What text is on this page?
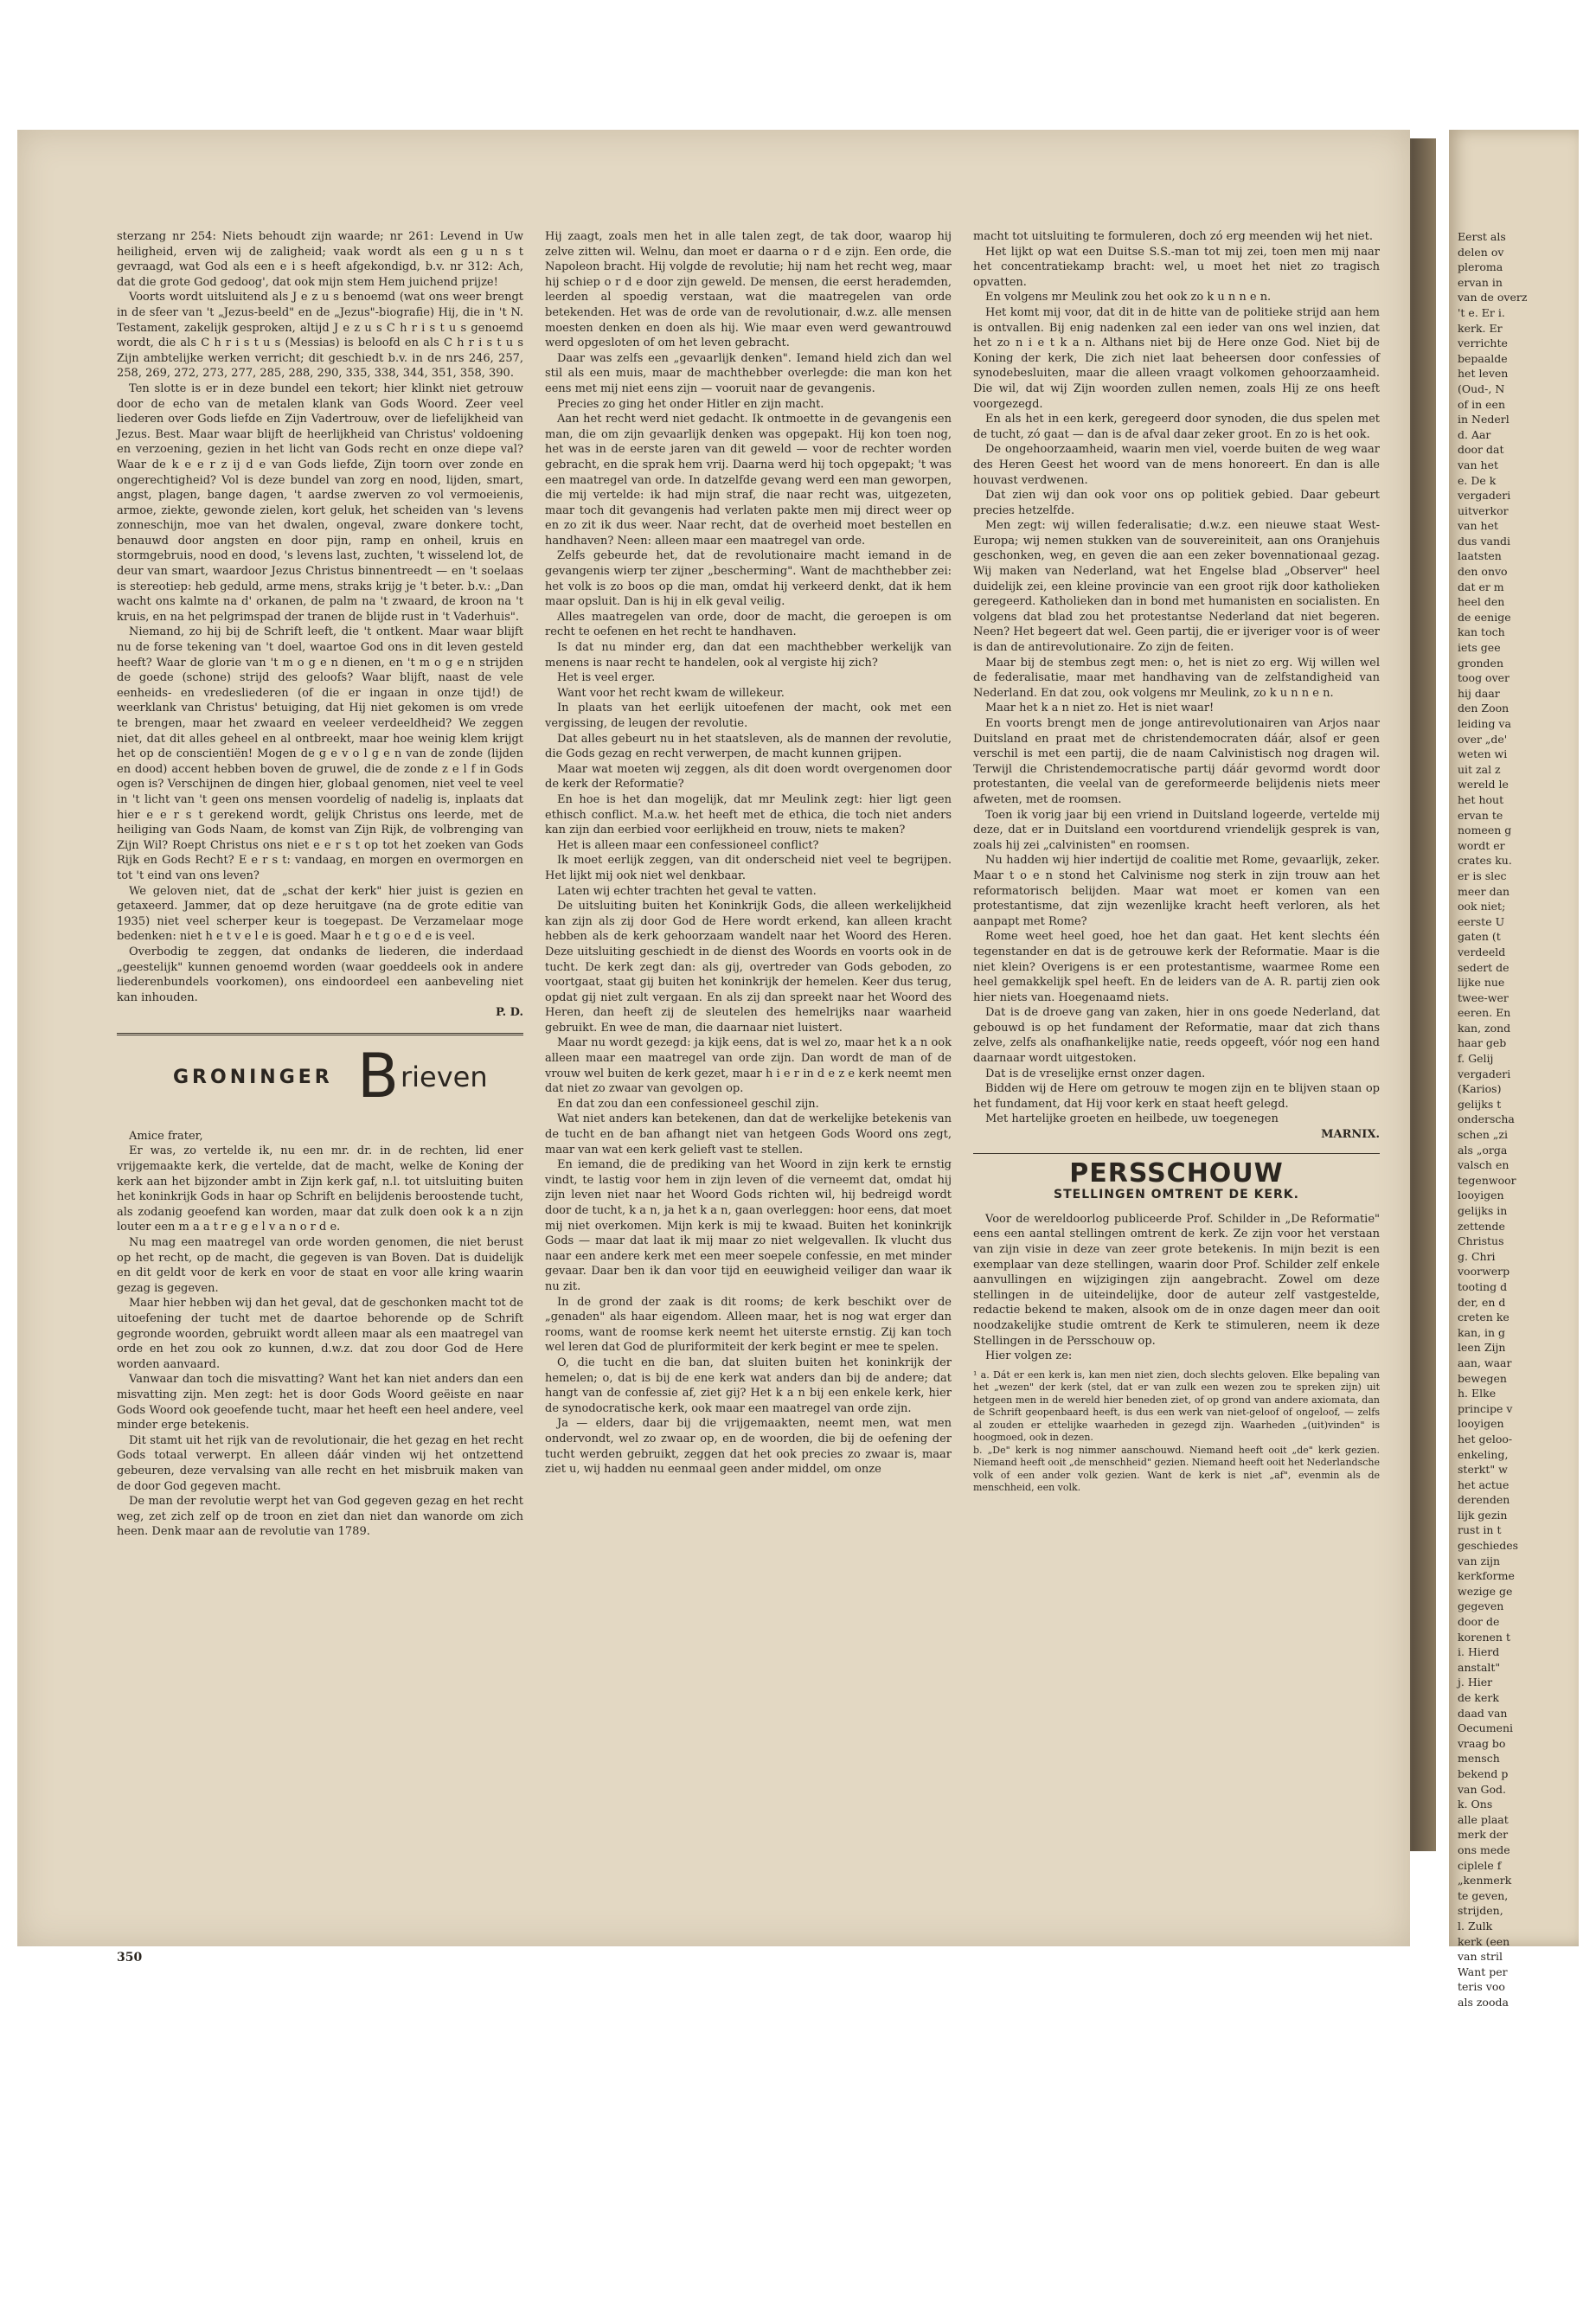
Eerst als
delen ov
pleroma
ervan in
van de overz
't e. Er i.
kerk. Er
verrichte
bepaalde
het leven
(Oud-, N
of in een
in Nederl
d. Aar
door dat
van het
e. De k
vergaderi
uitverkor
van het
dus vandi
laatsten
den onvo
dat er m
heel den
de eenige
kan toch
iets gee
gronden
toog over
hij daar
den Zoon
leiding va
over „de'
weten wi
uit zal z
wereld le
het hout
ervan te
nomeen g
wordt er
crates ku.
er is slec
meer dan
ook niet;
eerste U
gaten (t
verdeeld
sedert de
lijke nue
twee-wer
eeren. En
kan, zond
haar geb
f. Gelij
vergaderi
(Karios)
gelijks t
onderscha
schen „zi
als „orga
valsch en
tegenwoor
looyigen
gelijks in
zettende
Christus
g. Chri
voorwerp
tooting d
der, en d
creten ke
kan, in g
leen Zijn
aan, waar
bewegen
h. Elke
principe v
looyigen
het geloo-
enkeling,
sterkt" w
het actue
derenden
lijk gezin
rust in t
geschiedes
van zijn
kerkforme
wezige ge
gegeven
door de
korenen t
i. Hierd
anstalt"
j. Hier
de kerk
daad van
Oecumeni
vraag bo
mensch
bekend p
van God.
k. Ons
alle plaat
merk der
ons mede
ciplele f
„kenmerk
te geven,
strijden,
l. Zulk
kerk (een
van stril
Want per
teris voo
als zooda

sterzang nr 254: Niets behoudt zijn waarde; nr 261: Levend in Uw heiligheid, erven wij de zaligheid; vaak wordt als een g u n s t gevraagd, wat God als een e i s heeft afgekondigd, b.v. nr 312: Ach, dat die grote God gedoog', dat ook mijn stem Hem juichend prijze!

Voorts wordt uitsluitend als J e z u s benoemd (wat ons weer brengt in de sfeer van 't „Jezus-beeld" en de „Jezus"-biografie) Hij, die in 't N. Testament, zakelijk gesproken, altijd J e z u s C h r i s t u s genoemd wordt, die als C h r i s t u s (Messias) is beloofd en als C h r i s t u s Zijn ambtelijke werken verricht; dit geschiedt b.v. in de nrs 246, 257, 258, 269, 272, 273, 277, 285, 288, 290, 335, 338, 344, 351, 358, 390.

Ten slotte is er in deze bundel een tekort; hier klinkt niet getrouw door de echo van de metalen klank van Gods Woord. Zeer veel liederen over Gods liefde en Zijn Vadertrouw, over de liefelijkheid van Jezus. Best. Maar waar blijft de heerlijkheid van Christus' voldoening en verzoening, gezien in het licht van Gods recht en onze diepe val? Waar de k e e r z ij d e van Gods liefde, Zijn toorn over zonde en ongerechtigheid? Vol is deze bundel van zorg en nood, lijden, smart, angst, plagen, bange dagen, 't aardse zwerven zo vol vermoeienis, armoe, ziekte, gewonde zielen, kort geluk, het scheiden van 's levens zonneschijn, moe van het dwalen, ongeval, zware donkere tocht, benauwd door angsten en door pijn, ramp en onheil, kruis en stormgebruis, nood en dood, 's levens last, zuchten, 't wisselend lot, de deur van smart, waardoor Jezus Christus binnentreedt — en 't soelaas is stereotiep: heb geduld, arme mens, straks krijg je 't beter. b.v.: „Dan wacht ons kalmte na d' orkanen, de palm na 't zwaard, de kroon na 't kruis, en na het pelgrimspad der tranen de blijde rust in 't Vaderhuis".

Niemand, zo hij bij de Schrift leeft, die 't ontkent. Maar waar blijft nu de forse tekening van 't doel, waartoe God ons in dit leven gesteld heeft? Waar de glorie van 't m o g e n dienen, en 't m o g e n strijden de goede (schone) strijd des geloofs? Waar blijft, naast de vele eenheids- en vredesliederen (of die er ingaan in onze tijd!) de weerklank van Christus' betuiging, dat Hij niet gekomen is om vrede te brengen, maar het zwaard en veeleer verdeeldheid? We zeggen niet, dat dit alles geheel en al ontbreekt, maar hoe weinig klem krijgt het op de conscientiën! Mogen de g e v o l g e n van de zonde (lijden en dood) accent hebben boven de gruwel, die de zonde z e l f in Gods ogen is? Verschijnen de dingen hier, globaal genomen, niet veel te veel in 't licht van 't geen ons mensen voordelig of nadelig is, inplaats dat hier e e r s t gerekend wordt, gelijk Christus ons leerde, met de heiliging van Gods Naam, de komst van Zijn Rijk, de volbrenging van Zijn Wil? Roept Christus ons niet e e r s t op tot het zoeken van Gods Rijk en Gods Recht? E e r s t: vandaag, en morgen en overmorgen en tot 't eind van ons leven?

We geloven niet, dat de „schat der kerk" hier juist is gezien en getaxeerd. Jammer, dat op deze heruitgave (na de grote editie van 1935) niet veel scherper keur is toegepast. De Verzamelaar moge bedenken: niet h e t v e l e is goed. Maar h e t g o e d e is veel.

Overbodig te zeggen, dat ondanks de liederen, die inderdaad „geestelijk" kunnen genoemd worden (waar goeddeels ook in andere liederenbundels voorkomen), ons eindoordeel een aanbeveling niet kan inhouden.

P. D.

GRONINGER B rieven

Amice frater,

Er was, zo vertelde ik, nu een mr. dr. in de rechten, lid ener vrijgemaakte kerk, die vertelde, dat de macht, welke de Koning der kerk aan het bijzonder ambt in Zijn kerk gaf, n.l. tot uitsluiting buiten het koninkrijk Gods in haar op Schrift en belijdenis beroostende tucht, als zodanig geoefend kan worden, maar dat zulk doen ook k a n zijn louter een m a a t r e g e l v a n o r d e.

Nu mag een maatregel van orde worden genomen, die niet berust op het recht, op de macht, die gegeven is van Boven. Dat is duidelijk en dit geldt voor de kerk en voor de staat en voor alle kring waarin gezag is gegeven.

Maar hier hebben wij dan het geval, dat de geschonken macht tot de uitoefening der tucht met de daartoe behorende op de Schrift gegronde woorden, gebruikt wordt alleen maar als een maatregel van orde en het zou ook zo kunnen, d.w.z. dat zou door God de Here worden aanvaard.

Vanwaar dan toch die misvatting? Want het kan niet anders dan een misvatting zijn. Men zegt: het is door Gods Woord geëiste en naar Gods Woord ook geoefende tucht, maar het heeft een heel andere, veel minder erge betekenis.

Dit stamt uit het rijk van de revolutionair, die het gezag en het recht Gods totaal verwerpt. En alleen dáár vinden wij het ontzettend gebeuren, deze vervalsing van alle recht en het misbruik maken van de door God gegeven macht.

De man der revolutie werpt het van God gegeven gezag en het recht weg, zet zich zelf op de troon en ziet dan niet dan wanorde om zich heen. Denk maar aan de revolutie van 1789.

350

Hij zaagt, zoals men het in alle talen zegt, de tak door, waarop hij zelve zitten wil. Welnu, dan moet er daarna o r d e zijn. Een orde, die Napoleon bracht. Hij volgde de revolutie; hij nam het recht weg, maar hij schiep o r d e door zijn geweld. De mensen, die eerst herademden, leerden al spoedig verstaan, wat die maatregelen van orde betekenden. Het was de orde van de revolutionair, d.w.z. alle mensen moesten denken en doen als hij. Wie maar even werd gewantrouwd werd opgesloten of om het leven gebracht.

Daar was zelfs een „gevaarlijk denken". Iemand hield zich dan wel stil als een muis, maar de machthebber overlegde: die man kon het eens met mij niet eens zijn — vooruit naar de gevangenis.

Precies zo ging het onder Hitler en zijn macht.

Aan het recht werd niet gedacht. Ik ontmoette in de gevangenis een man, die om zijn gevaarlijk denken was opgepakt. Hij kon toen nog, het was in de eerste jaren van dit geweld — voor de rechter worden gebracht, en die sprak hem vrij. Daarna werd hij toch opgepakt; 't was een maatregel van orde. In datzelfde gevang werd een man geworpen, die mij vertelde: ik had mijn straf, die naar recht was, uitgezeten, maar toch dit gevangenis had verlaten pakte men mij direct weer op en zo zit ik dus weer. Naar recht, dat de overheid moet bestellen en handhaven? Neen: alleen maar een maatregel van orde.

Zelfs gebeurde het, dat de revolutionaire macht iemand in de gevangenis wierp ter zijner „bescherming". Want de machthebber zei: het volk is zo boos op die man, omdat hij verkeerd denkt, dat ik hem maar opsluit. Dan is hij in elk geval veilig.

Alles maatregelen van orde, door de macht, die geroepen is om recht te oefenen en het recht te handhaven.

Is dat nu minder erg, dan dat een machthebber werkelijk van menens is naar recht te handelen, ook al vergiste hij zich?

Het is veel erger.

Want voor het recht kwam de willekeur.

In plaats van het eerlijk uitoefenen der macht, ook met een vergissing, de leugen der revolutie.

Dat alles gebeurt nu in het staatsleven, als de mannen der revolutie, die Gods gezag en recht verwerpen, de macht kunnen grijpen.

Maar wat moeten wij zeggen, als dit doen wordt overgenomen door de kerk der Reformatie?

En hoe is het dan mogelijk, dat mr Meulink zegt: hier ligt geen ethisch conflict. M.a.w. het heeft met de ethica, die toch niet anders kan zijn dan eerbied voor eerlijkheid en trouw, niets te maken?

Het is alleen maar een confessioneel conflict?

Ik moet eerlijk zeggen, van dit onderscheid niet veel te begrijpen. Het lijkt mij ook niet wel denkbaar.

Laten wij echter trachten het geval te vatten.

De uitsluiting buiten het Koninkrijk Gods, die alleen werkelijkheid kan zijn als zij door God de Here wordt erkend, kan alleen kracht hebben als de kerk gehoorzaam wandelt naar het Woord des Heren. Deze uitsluiting geschiedt in de dienst des Woords en voorts ook in de tucht. De kerk zegt dan: als gij, overtreder van Gods geboden, zo voortgaat, staat gij buiten het koninkrijk der hemelen. Keer dus terug, opdat gij niet zult vergaan. En als zij dan spreekt naar het Woord des Heren, dan heeft zij de sleutelen des hemelrijks naar waarheid gebruikt. En wee de man, die daarnaar niet luistert.

Maar nu wordt gezegd: ja kijk eens, dat is wel zo, maar het k a n ook alleen maar een maatregel van orde zijn. Dan wordt de man of de vrouw wel buiten de kerk gezet, maar h i e r in d e z e kerk neemt men dat niet zo zwaar van gevolgen op.

En dat zou dan een confessioneel geschil zijn.

Wat niet anders kan betekenen, dan dat de werkelijke betekenis van de tucht en de ban afhangt niet van hetgeen Gods Woord ons zegt, maar van wat een kerk gelieft vast te stellen.

En iemand, die de prediking van het Woord in zijn kerk te ernstig vindt, te lastig voor hem in zijn leven of die verneemt dat, omdat hij zijn leven niet naar het Woord Gods richten wil, hij bedreigd wordt door de tucht, k a n, ja het k a n, gaan overleggen: hoor eens, dat moet mij niet overkomen. Mijn kerk is mij te kwaad. Buiten het koninkrijk Gods — maar dat laat ik mij maar zo niet welgevallen. Ik vlucht dus naar een andere kerk met een meer soepele confessie, en met minder gevaar. Daar ben ik dan voor tijd en eeuwigheid veiliger dan waar ik nu zit.

In de grond der zaak is dit rooms; de kerk beschikt over de „genaden" als haar eigendom. Alleen maar, het is nog wat erger dan rooms, want de roomse kerk neemt het uiterste ernstig. Zij kan toch wel leren dat God de pluriformiteit der kerk begint er mee te spelen.

O, die tucht en die ban, dat sluiten buiten het koninkrijk der hemelen; o, dat is bij de ene kerk wat anders dan bij de andere; dat hangt van de confessie af, ziet gij? Het k a n bij een enkele kerk, hier de synodocratische kerk, ook maar een maatregel van orde zijn.

Ja — elders, daar bij die vrijgemaakten, neemt men, wat men ondervondt, wel zo zwaar op, en de woorden, die bij de oefening der tucht werden gebruikt, zeggen dat het ook precies zo zwaar is, maar ziet u, wij hadden nu eenmaal geen ander middel, om onze

macht tot uitsluiting te formuleren, doch zó erg meenden wij het niet.

Het lijkt op wat een Duitse S.S.-man tot mij zei, toen men mij naar het concentratiekamp bracht: wel, u moet het niet zo tragisch opvatten.

En volgens mr Meulink zou het ook zo k u n n e n.

Het komt mij voor, dat dit in de hitte van de politieke strijd aan hem is ontvallen. Bij enig nadenken zal een ieder van ons wel inzien, dat het zo n i e t k a n. Althans niet bij de Here onze God. Niet bij de Koning der kerk, Die zich niet laat beheersen door confessies of synodebesluiten, maar die alleen vraagt volkomen gehoorzaamheid. Die wil, dat wij Zijn woorden zullen nemen, zoals Hij ze ons heeft voorgezegd.

En als het in een kerk, geregeerd door synoden, die dus spelen met de tucht, zó gaat — dan is de afval daar zeker groot. En zo is het ook.

De ongehoorzaamheid, waarin men viel, voerde buiten de weg waar des Heren Geest het woord van de mens honoreert. En dan is alle houvast verdwenen.

Dat zien wij dan ook voor ons op politiek gebied. Daar gebeurt precies hetzelfde.

Men zegt: wij willen federalisatie; d.w.z. een nieuwe staat West-Europa; wij nemen stukken van de souvereiniteit, aan ons Oranjehuis geschonken, weg, en geven die aan een zeker bovennationaal gezag. Wij maken van Nederland, wat het Engelse blad „Observer" heel duidelijk zei, een kleine provincie van een groot rijk door katholieken geregeerd. Katholieken dan in bond met humanisten en socialisten. En volgens dat blad zou het protestantse Nederland dat niet begeren. Neen? Het begeert dat wel. Geen partij, die er ijveriger voor is of weer is dan de antirevolutionaire. Zo zijn de feiten.

Maar bij de stembus zegt men: o, het is niet zo erg. Wij willen wel de federalisatie, maar met handhaving van de zelfstandigheid van Nederland. En dat zou, ook volgens mr Meulink, zo k u n n e n.

Maar het k a n niet zo. Het is niet waar!

En voorts brengt men de jonge antirevolutionairen van Arjos naar Duitsland en praat met de christendemocraten dáár, alsof er geen verschil is met een partij, die de naam Calvinistisch nog dragen wil. Terwijl die Christendemocratische partij dáár gevormd wordt door protestanten, die veelal van de gereformeerde belijdenis niets meer afweten, met de roomsen.

Toen ik vorig jaar bij een vriend in Duitsland logeerde, vertelde mij deze, dat er in Duitsland een voortdurend vriendelijk gesprek is van, zoals hij zei „calvinisten" en roomsen.

Nu hadden wij hier indertijd de coalitie met Rome, gevaarlijk, zeker. Maar t o e n stond het Calvinisme nog sterk in zijn trouw aan het reformatorisch belijden. Maar wat moet er komen van een protestantisme, dat zijn wezenlijke kracht heeft verloren, als het aanpapt met Rome?

Rome weet heel goed, hoe het dan gaat. Het kent slechts één tegenstander en dat is de getrouwe kerk der Reformatie. Maar is die niet klein? Overigens is er een protestantisme, waarmee Rome een heel gemakkelijk spel heeft. En de leiders van de A. R. partij zien ook hier niets van. Hoegenaamd niets.

Dat is de droeve gang van zaken, hier in ons goede Nederland, dat gebouwd is op het fundament der Reformatie, maar dat zich thans zelve, zelfs als onafhankelijke natie, reeds opgeeft, vóór nog een hand daarnaar wordt uitgestoken.

Dat is de vreselijke ernst onzer dagen.

Bidden wij de Here om getrouw te mogen zijn en te blijven staan op het fundament, dat Hij voor kerk en staat heeft gelegd.

Met hartelijke groeten en heilbede, uw toegenegen

MARNIX.

PERSSCHOUW
STELLINGEN OMTRENT DE KERK.

Voor de wereldoorlog publiceerde Prof. Schilder in „De Reformatie" eens een aantal stellingen omtrent de kerk. Ze zijn voor het verstaan van zijn visie in deze van zeer grote betekenis. In mijn bezit is een exemplaar van deze stellingen, waarin door Prof. Schilder zelf enkele aanvullingen en wijzigingen zijn aangebracht. Zowel om deze stellingen in de uiteindelijke, door de auteur zelf vastgestelde, redactie bekend te maken, alsook om de in onze dagen meer dan ooit noodzakelijke studie omtrent de Kerk te stimuleren, neem ik deze Stellingen in de Persschouw op.

Hier volgen ze:

¹ a. Dát er een kerk is, kan men niet zien, doch slechts geloven. Elke bepaling van het „wezen" der kerk (stel, dat er van zulk een wezen zou te spreken zijn) uit hetgeen men in de wereld hier beneden ziet, of op grond van andere axiomata, dan de Schrift geopenbaard heeft, is dus een werk van niet-geloof of ongeloof, — zelfs al zouden er ettelijke waarheden in gezegd zijn. Waarheden „(uit)vinden" is hoogmoed, ook in dezen.

b. „De" kerk is nog nimmer aanschouwd. Niemand heeft ooit „de" kerk gezien. Niemand heeft ooit „de menschheid" gezien. Niemand heeft ooit het Nederlandsche volk of een ander volk gezien. Want de kerk is niet „af", evenmin als de menschheid, een volk.
